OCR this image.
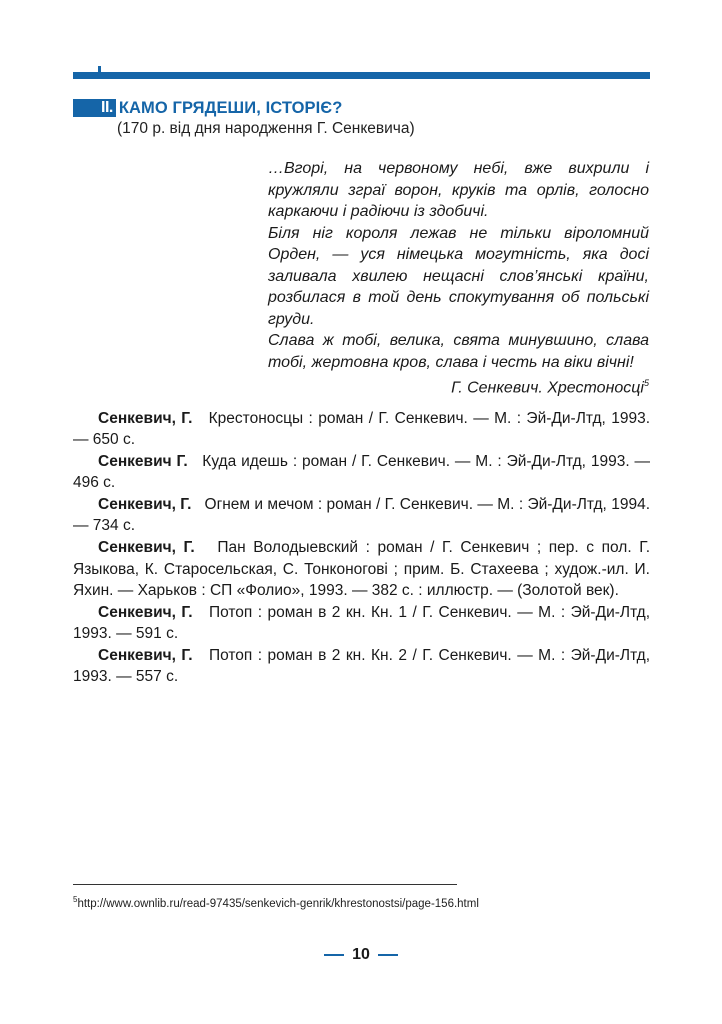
II. КАМО ГРЯДЕШИ, ІСТОРІЄ?
(170 р. від дня народження Г. Сенкевича)

…Вгорі, на червоному небі, вже вихрили і кружляли зграї ворон, круків та орлів, голосно каркаючи і радіючи із здобичі.

Біля ніг короля лежав не тільки віроломний Орден, — уся німецька могутність, яка досі заливала хвилею нещасні слов’янські країни, розбилася в той день спокутування об польські груди.

Слава ж тобі, велика, свята минувшино, слава тобі, жертовна кров, слава і честь на віки вічні!

Г. Сенкевич. Хрестоносці$^5$

Сенкевич, Г. Крестоносцы : роман / Г. Сенкевич. — М. : Эй-Ди-Лтд, 1993. — 650 с.

Сенкевич Г. Куда идешь : роман / Г. Сенкевич. — М. : Эй-Ди-Лтд, 1993. —496 с.

Сенкевич, Г. Огнем и мечом : роман / Г. Сенкевич. — М. : Эй-Ди-Лтд, 1994. — 734 с.

Сенкевич, Г. Пан Володыевский : роман / Г. Сенкевич ; пер. с пол. Г. Языкова, К. Старосельская, С. Тонконогові ; прим. Б. Стахеева ; худож.-ил. И. Яхин. — Харьков : СП «Фолио», 1993. — 382 с. : иллюстр. — (Золотой век).

Сенкевич, Г. Потоп : роман в 2 кн. Кн. 1 / Г. Сенкевич. — М. : Эй-Ди-Лтд, 1993. — 591 с.

Сенкевич, Г. Потоп : роман в 2 кн. Кн. 2 / Г. Сенкевич. — М. : Эй-Ди-Лтд, 1993. — 557 с.

$^5$http://www.ownlib.ru/read-97435/senkevich-genrik/khrestonostsi/page-156.html
10
